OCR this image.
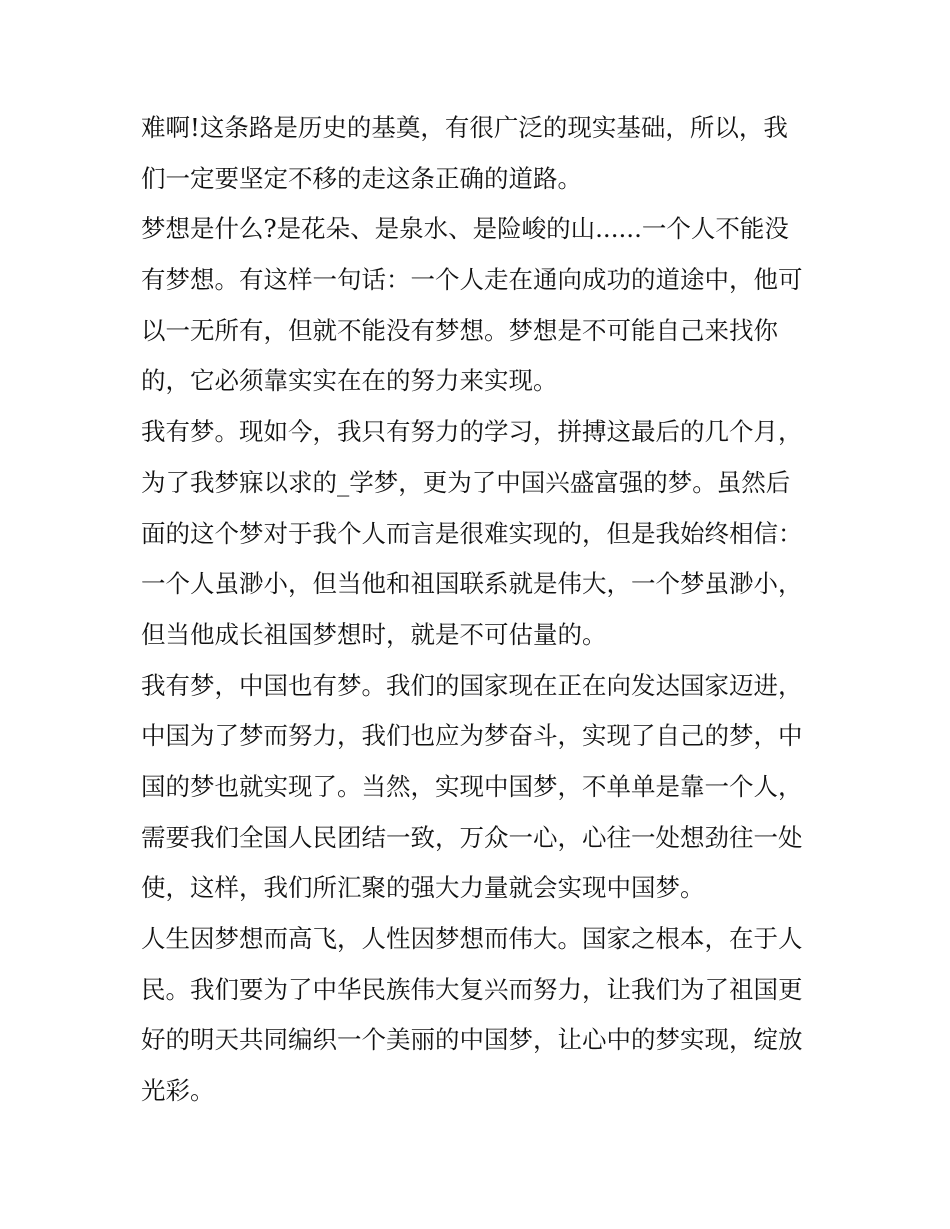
难啊!这条路是历史的基奠，有很广泛的现实基础，所以，我
们一定要坚定不移的走这条正确的道路。
梦想是什么?是花朵、是泉水、是险峻的山......一个人不能没
有梦想。有这样一句话：一个人走在通向成功的道途中，他可
以一无所有，但就不能没有梦想。梦想是不可能自己来找你
的，它必须靠实实在在的努力来实现。
我有梦。现如今，我只有努力的学习，拼搏这最后的几个月，
为了我梦寐以求的_学梦，更为了中国兴盛富强的梦。虽然后
面的这个梦对于我个人而言是很难实现的，但是我始终相信：
一个人虽渺小，但当他和祖国联系就是伟大，一个梦虽渺小，
但当他成长祖国梦想时，就是不可估量的。
我有梦，中国也有梦。我们的国家现在正在向发达国家迈进，
中国为了梦而努力，我们也应为梦奋斗，实现了自己的梦，中
国的梦也就实现了。当然，实现中国梦，不单单是靠一个人，
需要我们全国人民团结一致，万众一心，心往一处想劲往一处
使，这样，我们所汇聚的强大力量就会实现中国梦。
人生因梦想而高飞，人性因梦想而伟大。国家之根本，在于人
民。我们要为了中华民族伟大复兴而努力，让我们为了祖国更
好的明天共同编织一个美丽的中国梦，让心中的梦实现，绽放
光彩。
